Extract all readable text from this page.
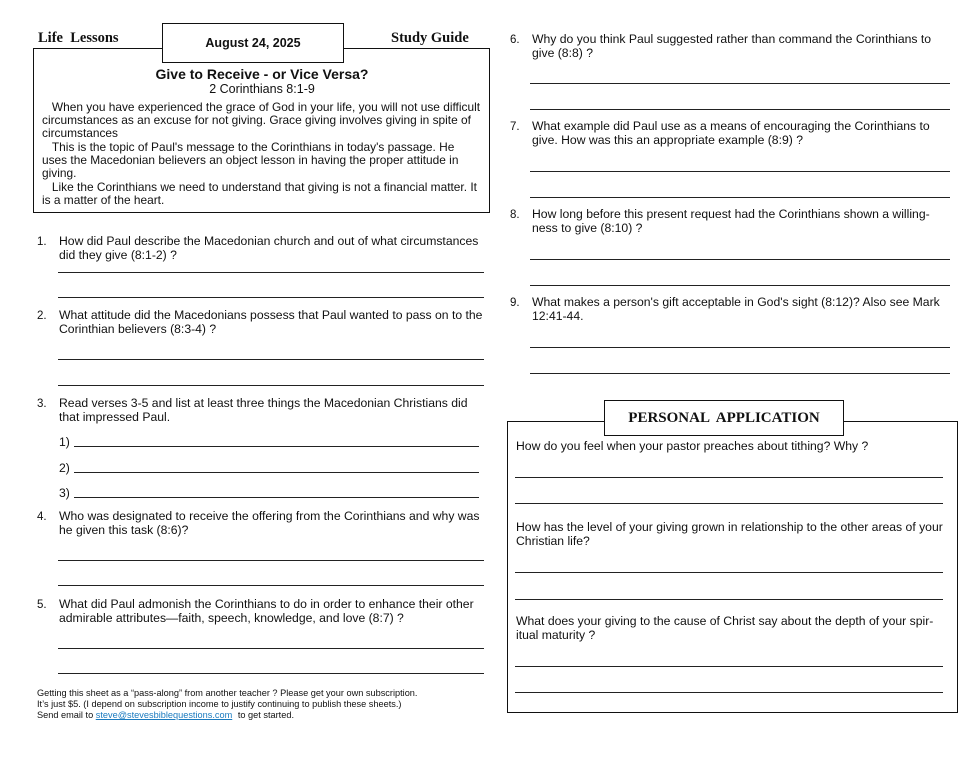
Life  Lessons	Study Guide
August 24, 2025
Give to Receive - or Vice Versa?
2 Corinthians 8:1-9
When you have experienced the grace of God in your life, you will not use difficult circumstances as an excuse for not giving. Grace giving involves giving in spite of circumstances
This is the topic of Paul's message to the Corinthians in today's passage. He uses the Macedonian believers an object lesson in having the proper attitude in giving.
Like the Corinthians we need to understand that giving is not a financial matter. It is a matter of the heart.
1. How did Paul describe the Macedonian church and out of what circumstances did they give (8:1-2) ?
2. What attitude did the Macedonians possess that Paul wanted to pass on to the Corinthian believers (8:3-4) ?
3. Read verses 3-5 and list at least three things the Macedonian Christians did that impressed Paul.
1)
2)
3)
4. Who was designated to receive the offering from the Corinthians and why was he given this task (8:6)?
5. What did Paul admonish the Corinthians to do in order to enhance their other admirable attributes—faith, speech, knowledge, and love (8:7) ?
Getting this sheet as a “pass-along” from another teacher ? Please get your own subscription.
It’s just $5. (I depend on subscription income to justify continuing to publish these sheets.)
Send email to steve@stevesbiblequestions.com to get started.
6. Why do you think Paul suggested rather than command the Corinthians to give (8:8) ?
7. What example did Paul use as a means of encouraging the Corinthians to give. How was this an appropriate example (8:9) ?
8. How long before this present request had the Corinthians shown a willing-ness to give (8:10) ?
9. What makes a person's gift acceptable in God's sight (8:12)? Also see Mark 12:41-44.
PERSONAL  APPLICATION
How do you feel when your pastor preaches about tithing? Why ?
How has the level of your giving grown in relationship to the other areas of your Christian life?
What does your giving to the cause of Christ say about the depth of your spir-itual maturity ?
